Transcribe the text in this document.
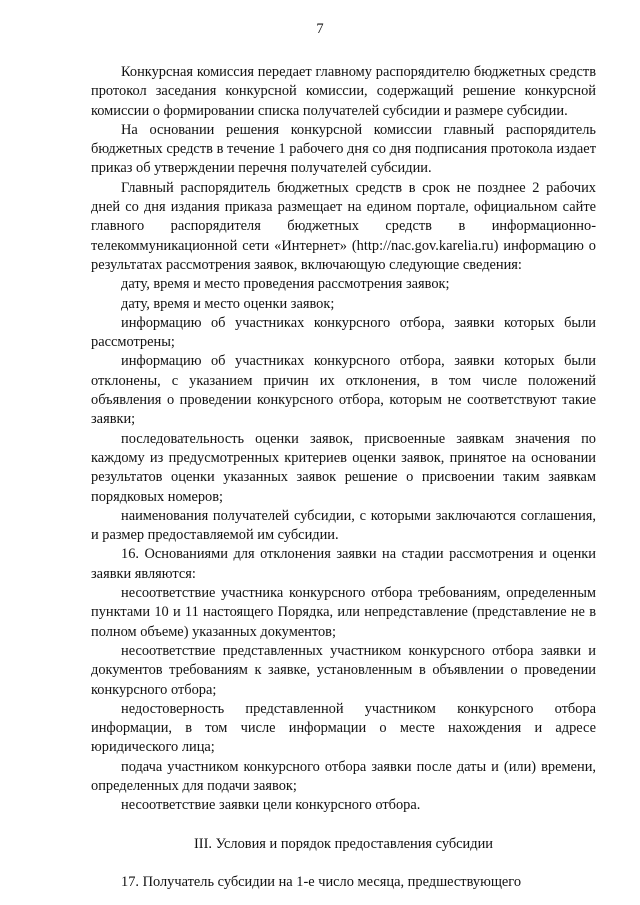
7

Конкурсная комиссия передает главному распорядителю бюджетных средств протокол заседания конкурсной комиссии, содержащий решение конкурсной комиссии о формировании списка получателей субсидии и размере субсидии.

На основании решения конкурсной комиссии главный распорядитель бюджетных средств в течение 1 рабочего дня со дня подписания протокола издает приказ об утверждении перечня получателей субсидии.

Главный распорядитель бюджетных средств в срок не позднее 2 рабочих дней со дня издания приказа размещает на едином портале, официальном сайте главного распорядителя бюджетных средств в информационно-телекоммуникационной сети «Интернет» (http://nac.gov.karelia.ru) информацию о результатах рассмотрения заявок, включающую следующие сведения:

дату, время и место проведения рассмотрения заявок;

дату, время и место оценки заявок;

информацию об участниках конкурсного отбора, заявки которых были рассмотрены;

информацию об участниках конкурсного отбора, заявки которых были отклонены, с указанием причин их отклонения, в том числе положений объявления о проведении конкурсного отбора, которым не соответствуют такие заявки;

последовательность оценки заявок, присвоенные заявкам значения по каждому из предусмотренных критериев оценки заявок, принятое на основании результатов оценки указанных заявок решение о присвоении таким заявкам порядковых номеров;

наименования получателей субсидии, с которыми заключаются соглашения, и размер предоставляемой им субсидии.

16. Основаниями для отклонения заявки на стадии рассмотрения и оценки заявки являются:

несоответствие участника конкурсного отбора требованиям, определенным пунктами 10 и 11 настоящего Порядка, или непредставление (представление не в полном объеме) указанных документов;

несоответствие представленных участником конкурсного отбора заявки и документов требованиям к заявке, установленным в объявлении о проведении конкурсного отбора;

недостоверность представленной участником конкурсного отбора информации, в том числе информации о месте нахождения и адресе юридического лица;

подача участником конкурсного отбора заявки после даты и (или) времени, определенных для подачи заявок;

несоответствие заявки цели конкурсного отбора.

III. Условия и порядок предоставления субсидии

17. Получатель субсидии на 1-е число месяца, предшествующего
